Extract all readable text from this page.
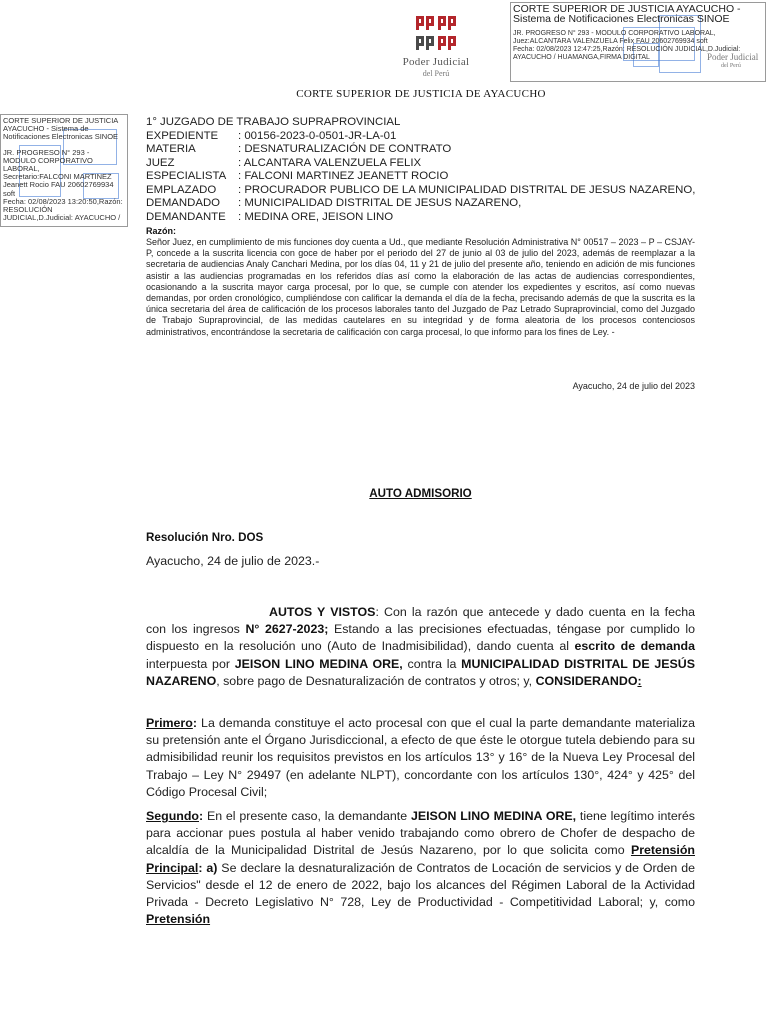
CORTE SUPERIOR DE JUSTICIA AYACUCHO -
Sistema de Notificaciones Electronicas SINOE
JR. PROGRESO N° 293 - MODULO CORPORATIVO LABORAL,
Juez:ALCANTARA VALENZUELA Felix FAU 20602769934 soft
Fecha: 02/08/2023 12:47:25,Razón: RESOLUCIÓN JUDICIAL,D.Judicial:
AYACUCHO / HUAMANGA,FIRMA DIGITAL	Poder Judicial
del Perú
Poder Judicial
del Perú
CORTE SUPERIOR DE JUSTICIA
AYACUCHO - Sistema de
Notificaciones Electronicas SINOE
JR. PROGRESO N° 293 -
MODULO CORPORATIVO
LABORAL,
Secretario:FALCONI MARTINEZ
Jeanett Rocio FAU 20602769934
soft
Fecha: 02/08/2023 13:20:50,Razón:
RESOLUCIÓN
JUDICIAL,D.Judicial: AYACUCHO /
CORTE SUPERIOR DE JUSTICIA DE AYACUCHO
1° JUZGADO DE TRABAJO SUPRAPROVINCIAL
EXPEDIENTE	: 00156-2023-0-0501-JR-LA-01
MATERIA	: DESNATURALIZACIÓN DE CONTRATO
JUEZ	: ALCANTARA VALENZUELA FELIX
ESPECIALISTA	: FALCONI MARTINEZ JEANETT ROCIO
EMPLAZADO	: PROCURADOR PUBLICO DE LA MUNICIPALIDAD DISTRITAL DE JESUS NAZARENO,
DEMANDADO	: MUNICIPALIDAD DISTRITAL DE JESUS NAZARENO,
DEMANDANTE	: MEDINA ORE, JEISON LINO
Razón:
Señor Juez, en cumplimiento de mis funciones doy cuenta a Ud., que mediante Resolución Administrativa N° 00517 – 2023 – P – CSJAY-P, concede a la suscrita licencia con goce de haber por el periodo del 27 de junio al 03 de julio del 2023, además de reemplazar a la secretaria de audiencias Analy Canchari Medina, por los días 04, 11 y 21 de julio del presente año, teniendo en adición de mis funciones asistir a las audiencias programadas en los referidos días así como la elaboración de las actas de audiencias correspondientes, ocasionando a la suscrita mayor carga procesal, por lo que, se cumple con atender los expedientes y escritos, así como nuevas demandas, por orden cronológico, cumpliéndose con calificar la demanda el día de la fecha, precisando además de que la suscrita es la única secretaria del área de calificación de los procesos laborales tanto del Juzgado de Paz Letrado Supraprovincial, como del Juzgado de Trabajo Supraprovincial, de las medidas cautelares en su integridad y de forma aleatoria de los procesos contenciosos administrativos, encontrándose la secretaria de calificación con carga procesal, lo que informo para los fines de Ley. -
Ayacucho, 24 de julio del 2023
AUTO ADMISORIO
Resolución Nro. DOS
Ayacucho, 24 de julio de 2023.-
AUTOS Y VISTOS: Con la razón que antecede y dado cuenta en la fecha con los ingresos N° 2627-2023; Estando a las precisiones efectuadas, téngase por cumplido lo dispuesto en la resolución uno (Auto de Inadmisibilidad), dando cuenta al escrito de demanda interpuesta por JEISON LINO MEDINA ORE, contra la MUNICIPALIDAD DISTRITAL DE JESÚS NAZARENO, sobre pago de Desnaturalización de contratos y otros; y, CONSIDERANDO:
Primero: La demanda constituye el acto procesal con que el cual la parte demandante materializa su pretensión ante el Órgano Jurisdiccional, a efecto de que éste le otorgue tutela debiendo para su admisibilidad reunir los requisitos previstos en los artículos 13° y 16° de la Nueva Ley Procesal del Trabajo – Ley N° 29497 (en adelante NLPT), concordante con los artículos 130°, 424° y 425° del Código Procesal Civil;
Segundo: En el presente caso, la demandante JEISON LINO MEDINA ORE, tiene legítimo interés para accionar pues postula al haber venido trabajando como obrero de Chofer de despacho de alcaldía de la Municipalidad Distrital de Jesús Nazareno, por lo que solicita como Pretensión Principal: a) Se declare la desnaturalización de Contratos de Locación de servicios y de Orden de Servicios" desde el 12 de enero de 2022, bajo los alcances del Régimen Laboral de la Actividad Privada - Decreto Legislativo N° 728, Ley de Productividad - Competitividad Laboral; y, como Pretensión
